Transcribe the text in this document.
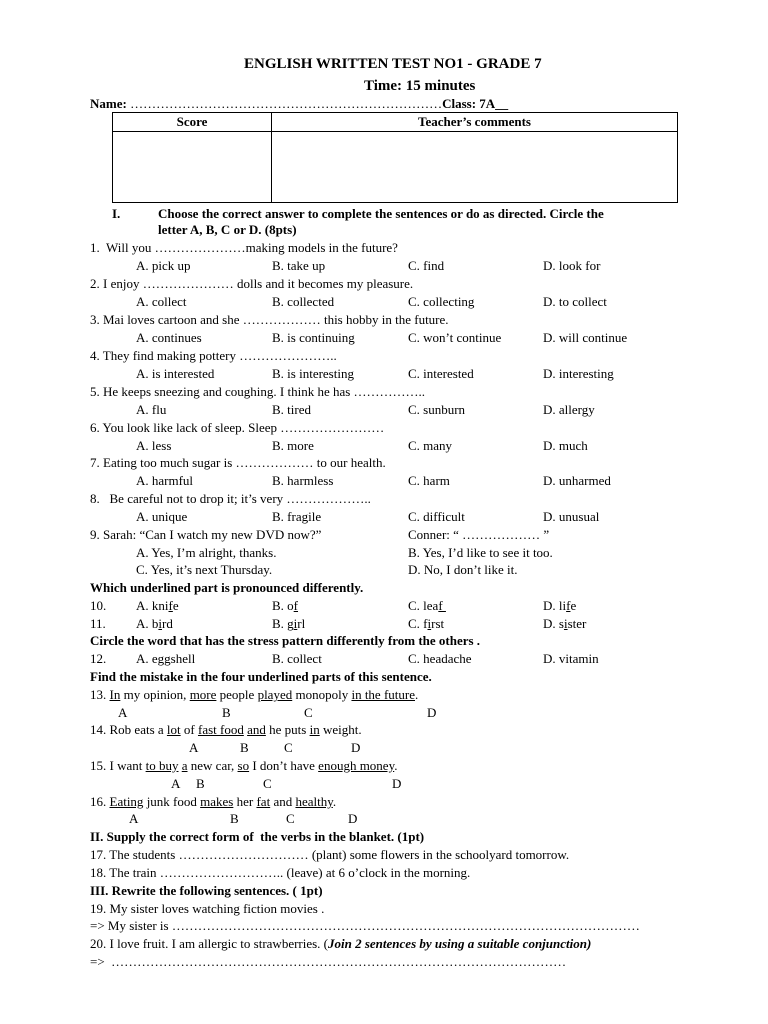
ENGLISH WRITTEN TEST NO1 - GRADE 7
Time: 15 minutes
Name: ………………………………………………………………Class: 7A__
Score	Teacher’s comments

I.	Choose the correct answer to complete the sentences or do as directed. Circle the
letter A, B, C or D. (8pts)
1.  Will you …………………making models in the future?
A. pick up	B. take up	C. find	D. look for
2. I enjoy ………………… dolls and it becomes my pleasure.
A. collect	B. collected	C. collecting	D. to collect
3. Mai loves cartoon and she ……………… this hobby in the future.
A. continues	B. is continuing	C. won’t continue	D. will continue
4. They find making pottery …………………..
A. is interested	B. is interesting	C. interested	D. interesting
5. He keeps sneezing and coughing. I think he has ……………..
A. flu	B. tired	C. sunburn	D. allergy
6. You look like lack of sleep. Sleep ……………………
A. less	B. more	C. many	D. much
7. Eating too much sugar is ……………… to our health.
A. harmful	B. harmless	C. harm	D. unharmed
8.   Be careful not to drop it; it’s very ………………..
A. unique	B. fragile	C. difficult	D. unusual
9. Sarah: “Can I watch my new DVD now?”	Conner: “ ……………… ”
A. Yes, I’m alright, thanks.	B. Yes, I’d like to see it too.
C. Yes, it’s next Thursday.	D. No, I don’t like it.
Which underlined part is pronounced differently.
10. A. knife	B. of	C. leaf	D. life
11. A. bird	B. girl	C. first	D. sister
Circle the word that has the stress pattern differently from the others .
12. A. eggshell	B. collect	C. headache	D. vitamin
Find the mistake in the four underlined parts of this sentence.
13. In my opinion, more people played monopoly in the future.
A	B	C	D
14. Rob eats a lot of fast food and he puts in weight.
A	B	C	D
15. I want to buy a new car, so I don’t have enough money.
A B	C	D
16. Eating junk food makes her fat and healthy.
A	B	C	D
II. Supply the correct form of  the verbs in the blanket. (1pt)
17. The students ………………………… (plant) some flowers in the schoolyard tomorrow.
18. The train ……………………….. (leave) at 6 o’clock in the morning.
III. Rewrite the following sentences. ( 1pt)
19. My sister loves watching fiction movies .
=> My sister is ………………………………………………………………………………………………
20. I love fruit. I am allergic to strawberries. (Join 2 sentences by using a suitable conjunction)
=>  ……………………………………………………………………………………………
